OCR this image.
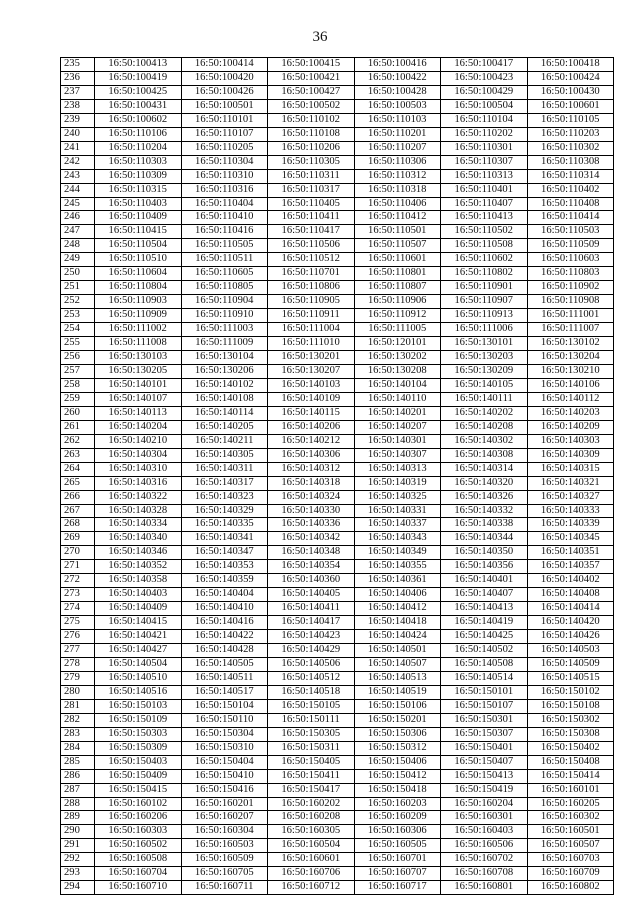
36
235	16:50:100413	16:50:100414	16:50:100415	16:50:100416	16:50:100417	16:50:100418
236	16:50:100419	16:50:100420	16:50:100421	16:50:100422	16:50:100423	16:50:100424
237	16:50:100425	16:50:100426	16:50:100427	16:50:100428	16:50:100429	16:50:100430
238	16:50:100431	16:50:100501	16:50:100502	16:50:100503	16:50:100504	16:50:100601
239	16:50:100602	16:50:110101	16:50:110102	16:50:110103	16:50:110104	16:50:110105
240	16:50:110106	16:50:110107	16:50:110108	16:50:110201	16:50:110202	16:50:110203
241	16:50:110204	16:50:110205	16:50:110206	16:50:110207	16:50:110301	16:50:110302
242	16:50:110303	16:50:110304	16:50:110305	16:50:110306	16:50:110307	16:50:110308
243	16:50:110309	16:50:110310	16:50:110311	16:50:110312	16:50:110313	16:50:110314
244	16:50:110315	16:50:110316	16:50:110317	16:50:110318	16:50:110401	16:50:110402
245	16:50:110403	16:50:110404	16:50:110405	16:50:110406	16:50:110407	16:50:110408
246	16:50:110409	16:50:110410	16:50:110411	16:50:110412	16:50:110413	16:50:110414
247	16:50:110415	16:50:110416	16:50:110417	16:50:110501	16:50:110502	16:50:110503
248	16:50:110504	16:50:110505	16:50:110506	16:50:110507	16:50:110508	16:50:110509
249	16:50:110510	16:50:110511	16:50:110512	16:50:110601	16:50:110602	16:50:110603
250	16:50:110604	16:50:110605	16:50:110701	16:50:110801	16:50:110802	16:50:110803
251	16:50:110804	16:50:110805	16:50:110806	16:50:110807	16:50:110901	16:50:110902
252	16:50:110903	16:50:110904	16:50:110905	16:50:110906	16:50:110907	16:50:110908
253	16:50:110909	16:50:110910	16:50:110911	16:50:110912	16:50:110913	16:50:111001
254	16:50:111002	16:50:111003	16:50:111004	16:50:111005	16:50:111006	16:50:111007
255	16:50:111008	16:50:111009	16:50:111010	16:50:120101	16:50:130101	16:50:130102
256	16:50:130103	16:50:130104	16:50:130201	16:50:130202	16:50:130203	16:50:130204
257	16:50:130205	16:50:130206	16:50:130207	16:50:130208	16:50:130209	16:50:130210
258	16:50:140101	16:50:140102	16:50:140103	16:50:140104	16:50:140105	16:50:140106
259	16:50:140107	16:50:140108	16:50:140109	16:50:140110	16:50:140111	16:50:140112
260	16:50:140113	16:50:140114	16:50:140115	16:50:140201	16:50:140202	16:50:140203
261	16:50:140204	16:50:140205	16:50:140206	16:50:140207	16:50:140208	16:50:140209
262	16:50:140210	16:50:140211	16:50:140212	16:50:140301	16:50:140302	16:50:140303
263	16:50:140304	16:50:140305	16:50:140306	16:50:140307	16:50:140308	16:50:140309
264	16:50:140310	16:50:140311	16:50:140312	16:50:140313	16:50:140314	16:50:140315
265	16:50:140316	16:50:140317	16:50:140318	16:50:140319	16:50:140320	16:50:140321
266	16:50:140322	16:50:140323	16:50:140324	16:50:140325	16:50:140326	16:50:140327
267	16:50:140328	16:50:140329	16:50:140330	16:50:140331	16:50:140332	16:50:140333
268	16:50:140334	16:50:140335	16:50:140336	16:50:140337	16:50:140338	16:50:140339
269	16:50:140340	16:50:140341	16:50:140342	16:50:140343	16:50:140344	16:50:140345
270	16:50:140346	16:50:140347	16:50:140348	16:50:140349	16:50:140350	16:50:140351
271	16:50:140352	16:50:140353	16:50:140354	16:50:140355	16:50:140356	16:50:140357
272	16:50:140358	16:50:140359	16:50:140360	16:50:140361	16:50:140401	16:50:140402
273	16:50:140403	16:50:140404	16:50:140405	16:50:140406	16:50:140407	16:50:140408
274	16:50:140409	16:50:140410	16:50:140411	16:50:140412	16:50:140413	16:50:140414
275	16:50:140415	16:50:140416	16:50:140417	16:50:140418	16:50:140419	16:50:140420
276	16:50:140421	16:50:140422	16:50:140423	16:50:140424	16:50:140425	16:50:140426
277	16:50:140427	16:50:140428	16:50:140429	16:50:140501	16:50:140502	16:50:140503
278	16:50:140504	16:50:140505	16:50:140506	16:50:140507	16:50:140508	16:50:140509
279	16:50:140510	16:50:140511	16:50:140512	16:50:140513	16:50:140514	16:50:140515
280	16:50:140516	16:50:140517	16:50:140518	16:50:140519	16:50:150101	16:50:150102
281	16:50:150103	16:50:150104	16:50:150105	16:50:150106	16:50:150107	16:50:150108
282	16:50:150109	16:50:150110	16:50:150111	16:50:150201	16:50:150301	16:50:150302
283	16:50:150303	16:50:150304	16:50:150305	16:50:150306	16:50:150307	16:50:150308
284	16:50:150309	16:50:150310	16:50:150311	16:50:150312	16:50:150401	16:50:150402
285	16:50:150403	16:50:150404	16:50:150405	16:50:150406	16:50:150407	16:50:150408
286	16:50:150409	16:50:150410	16:50:150411	16:50:150412	16:50:150413	16:50:150414
287	16:50:150415	16:50:150416	16:50:150417	16:50:150418	16:50:150419	16:50:160101
288	16:50:160102	16:50:160201	16:50:160202	16:50:160203	16:50:160204	16:50:160205
289	16:50:160206	16:50:160207	16:50:160208	16:50:160209	16:50:160301	16:50:160302
290	16:50:160303	16:50:160304	16:50:160305	16:50:160306	16:50:160403	16:50:160501
291	16:50:160502	16:50:160503	16:50:160504	16:50:160505	16:50:160506	16:50:160507
292	16:50:160508	16:50:160509	16:50:160601	16:50:160701	16:50:160702	16:50:160703
293	16:50:160704	16:50:160705	16:50:160706	16:50:160707	16:50:160708	16:50:160709
294	16:50:160710	16:50:160711	16:50:160712	16:50:160717	16:50:160801	16:50:160802
